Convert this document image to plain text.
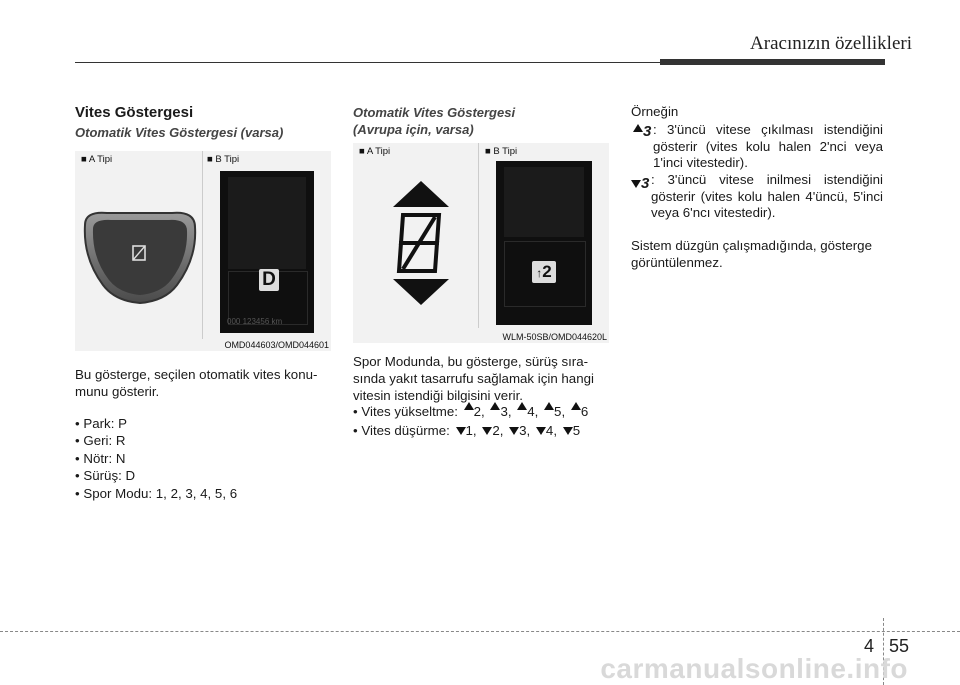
Aracınızın özellikleri
Vites Göstergesi
Otomatik Vites Göstergesi (varsa)
■ A Tipi	■ B Tipi
D
000 123456 km
OMD044603/OMD044601

Bu gösterge, seçilen otomatik vites konu-munu gösterir.

• Park: P
• Geri: R
• Nötr: N
• Sürüş: D
• Spor Modu: 1, 2, 3, 4, 5, 6
Otomatik Vites Göstergesi
(Avrupa için, varsa)
■ A Tipi	■ B Tipi
↑2
WLM-50SB/OMD044620L

Spor Modunda, bu gösterge, sürüş sıra-sında yakıt tasarrufu sağlamak için hangi vitesin istendiği bilgisini verir.

• Vites yükseltme: 2, 3, 4, 5, 6
• Vites düşürme: 1, 2, 3, 4, 5
Örneğin
3 : 3'üncü vitese çıkılması istendiğini gösterir (vites kolu halen 2'nci veya 1'inci vitestedir).
3 : 3'üncü vitese inilmesi istendiğini gösterir (vites kolu halen 4'üncü, 5'inci veya 6'ncı vitestedir).

Sistem düzgün çalışmadığında, gösterge görüntülenmez.

4 55
carmanualsonline.info
